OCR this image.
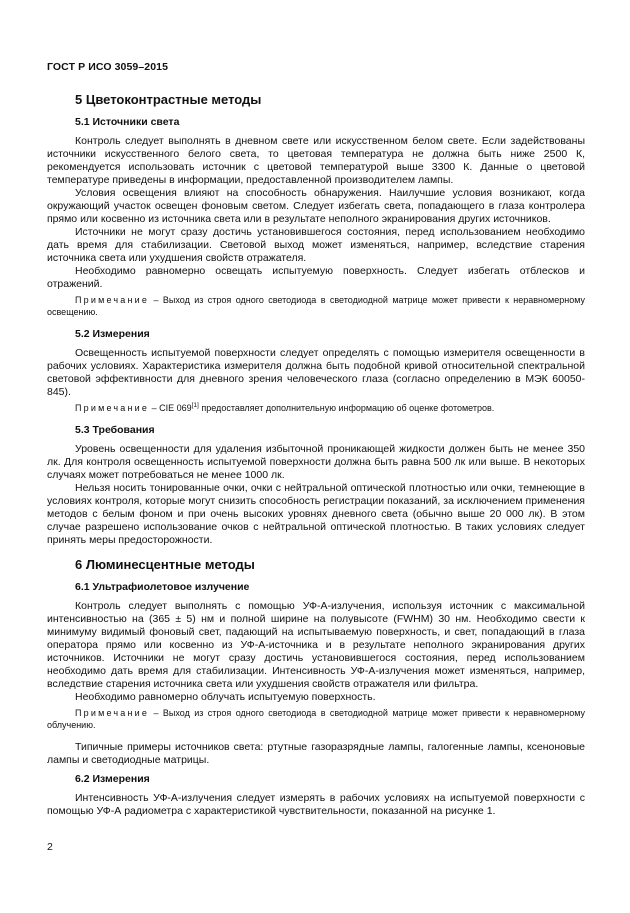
ГОСТ Р ИСО 3059–2015
5 Цветоконтрастные методы
5.1 Источники света

Контроль следует выполнять в дневном свете или искусственном белом свете. Если задействованы источники искусственного белого света, то цветовая температура не должна быть ниже 2500 К, рекомендуется использовать источник с цветовой температурой выше 3300 К. Данные о цветовой температуре приведены в информации, предоставленной производителем лампы.

Условия освещения влияют на способность обнаружения. Наилучшие условия возникают, когда окружающий участок освещен фоновым светом. Следует избегать света, попадающего в глаза контролера прямо или косвенно из источника света или в результате неполного экранирования других источников.

Источники не могут сразу достичь установившегося состояния, перед использованием необходимо дать время для стабилизации. Световой выход может изменяться, например, вследствие старения источника света или ухудшения свойств отражателя.

Необходимо равномерно освещать испытуемую поверхность. Следует избегать отблесков и отражений.

Примечание – Выход из строя одного светодиода в светодиодной матрице может привести к неравномерному освещению.

5.2 Измерения

Освещенность испытуемой поверхности следует определять с помощью измерителя освещенности в рабочих условиях. Характеристика измерителя должна быть подобной кривой относительной спектральной световой эффективности для дневного зрения человеческого глаза (согласно определению в МЭК 60050-845).

Примечание – CIE 069[1] предоставляет дополнительную информацию об оценке фотометров.

5.3 Требования

Уровень освещенности для удаления избыточной проникающей жидкости должен быть не менее 350 лк. Для контроля освещенность испытуемой поверхности должна быть равна 500 лк или выше. В некоторых случаях может потребоваться не менее 1000 лк.

Нельзя носить тонированные очки, очки с нейтральной оптической плотностью или очки, темнеющие в условиях контроля, которые могут снизить способность регистрации показаний, за исключением применения методов с белым фоном и при очень высоких уровнях дневного света (обычно выше 20 000 лк). В этом случае разрешено использование очков с нейтральной оптической плотностью. В таких условиях следует принять меры предосторожности.

6 Люминесцентные методы
6.1 Ультрафиолетовое излучение

Контроль следует выполнять с помощью УФ-А-излучения, используя источник с максимальной интенсивностью на (365 ± 5) нм и полной ширине на полувысоте (FWHM) 30 нм. Необходимо свести к минимуму видимый фоновый свет, падающий на испытываемую поверхность, и свет, попадающий в глаза оператора прямо или косвенно из УФ-А-источника и в результате неполного экранирования других источников. Источники не могут сразу достичь установившегося состояния, перед использованием необходимо дать время для стабилизации. Интенсивность УФ-А-излучения может изменяться, например, вследствие старения источника света или ухудшения свойств отражателя или фильтра.

Необходимо равномерно облучать испытуемую поверхность.

Примечание – Выход из строя одного светодиода в светодиодной матрице может привести к неравномерному облучению.

Типичные примеры источников света: ртутные газоразрядные лампы, галогенные лампы, ксеноновые лампы и светодиодные матрицы.

6.2 Измерения

Интенсивность УФ-А-излучения следует измерять в рабочих условиях на испытуемой поверхности с помощью УФ-А радиометра с характеристикой чувствительности, показанной на рисунке 1.

2
